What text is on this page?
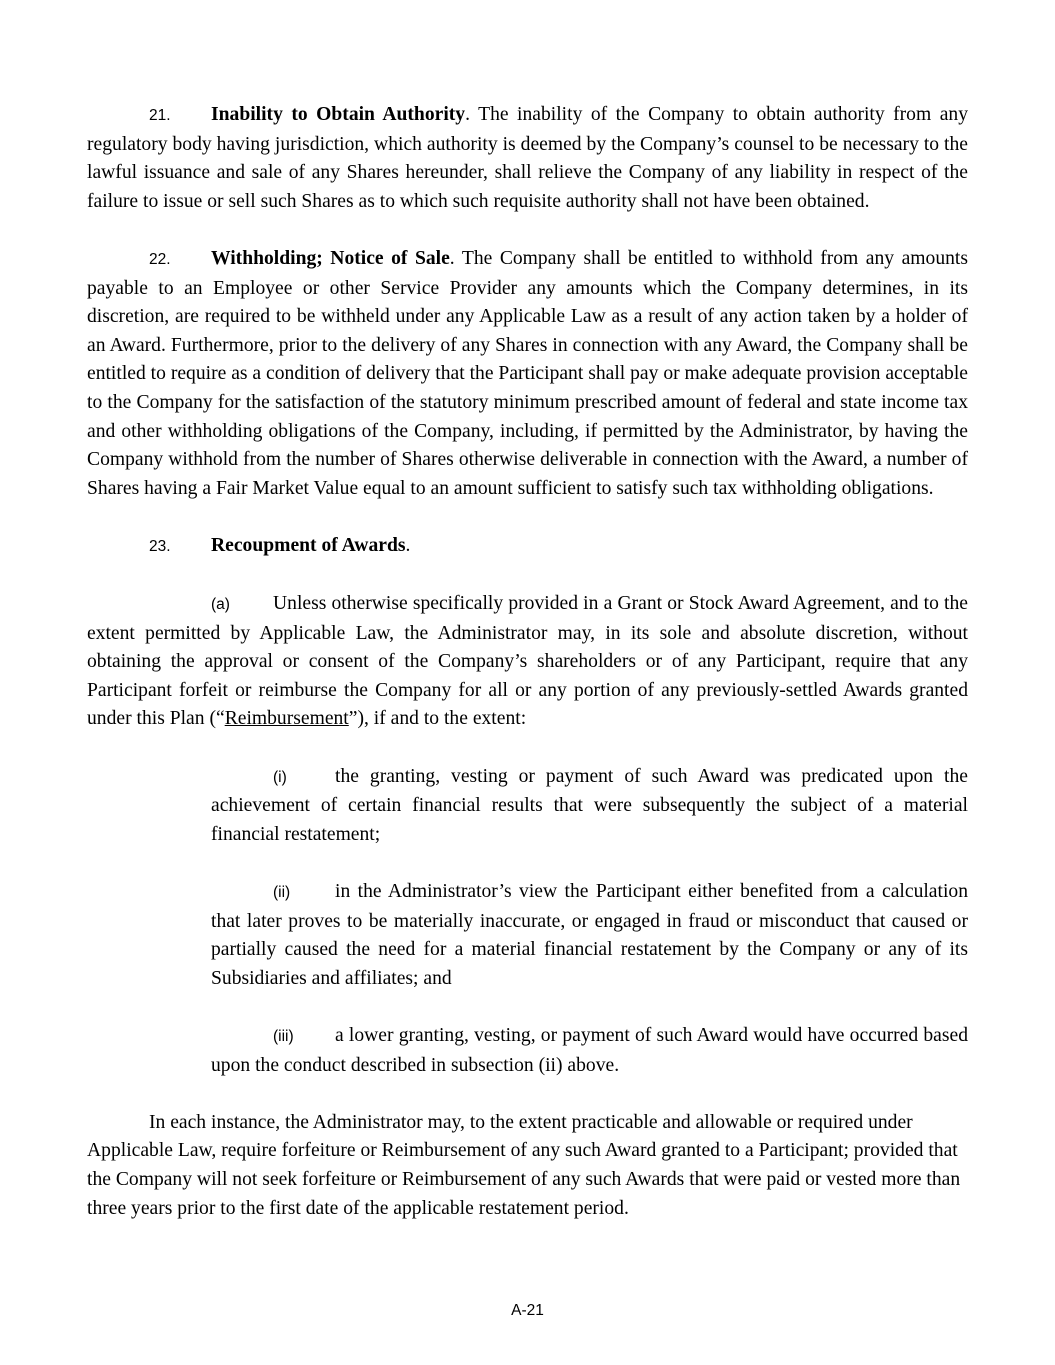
21. Inability to Obtain Authority. The inability of the Company to obtain authority from any regulatory body having jurisdiction, which authority is deemed by the Company’s counsel to be necessary to the lawful issuance and sale of any Shares hereunder, shall relieve the Company of any liability in respect of the failure to issue or sell such Shares as to which such requisite authority shall not have been obtained.

22. Withholding; Notice of Sale. The Company shall be entitled to withhold from any amounts payable to an Employee or other Service Provider any amounts which the Company determines, in its discretion, are required to be withheld under any Applicable Law as a result of any action taken by a holder of an Award. Furthermore, prior to the delivery of any Shares in connection with any Award, the Company shall be entitled to require as a condition of delivery that the Participant shall pay or make adequate provision acceptable to the Company for the satisfaction of the statutory minimum prescribed amount of federal and state income tax and other withholding obligations of the Company, including, if permitted by the Administrator, by having the Company withhold from the number of Shares otherwise deliverable in connection with the Award, a number of Shares having a Fair Market Value equal to an amount sufficient to satisfy such tax withholding obligations.

23. Recoupment of Awards.

(a) Unless otherwise specifically provided in a Grant or Stock Award Agreement, and to the extent permitted by Applicable Law, the Administrator may, in its sole and absolute discretion, without obtaining the approval or consent of the Company’s shareholders or of any Participant, require that any Participant forfeit or reimburse the Company for all or any portion of any previously-settled Awards granted under this Plan (“Reimbursement”), if and to the extent:

(i) the granting, vesting or payment of such Award was predicated upon the achievement of certain financial results that were subsequently the subject of a material financial restatement;

(ii) in the Administrator’s view the Participant either benefited from a calculation that later proves to be materially inaccurate, or engaged in fraud or misconduct that caused or partially caused the need for a material financial restatement by the Company or any of its Subsidiaries and affiliates; and

(iii) a lower granting, vesting, or payment of such Award would have occurred based upon the conduct described in subsection (ii) above.

In each instance, the Administrator may, to the extent practicable and allowable or required under Applicable Law, require forfeiture or Reimbursement of any such Award granted to a Participant; provided that the Company will not seek forfeiture or Reimbursement of any such Awards that were paid or vested more than three years prior to the first date of the applicable restatement period.

A-21
